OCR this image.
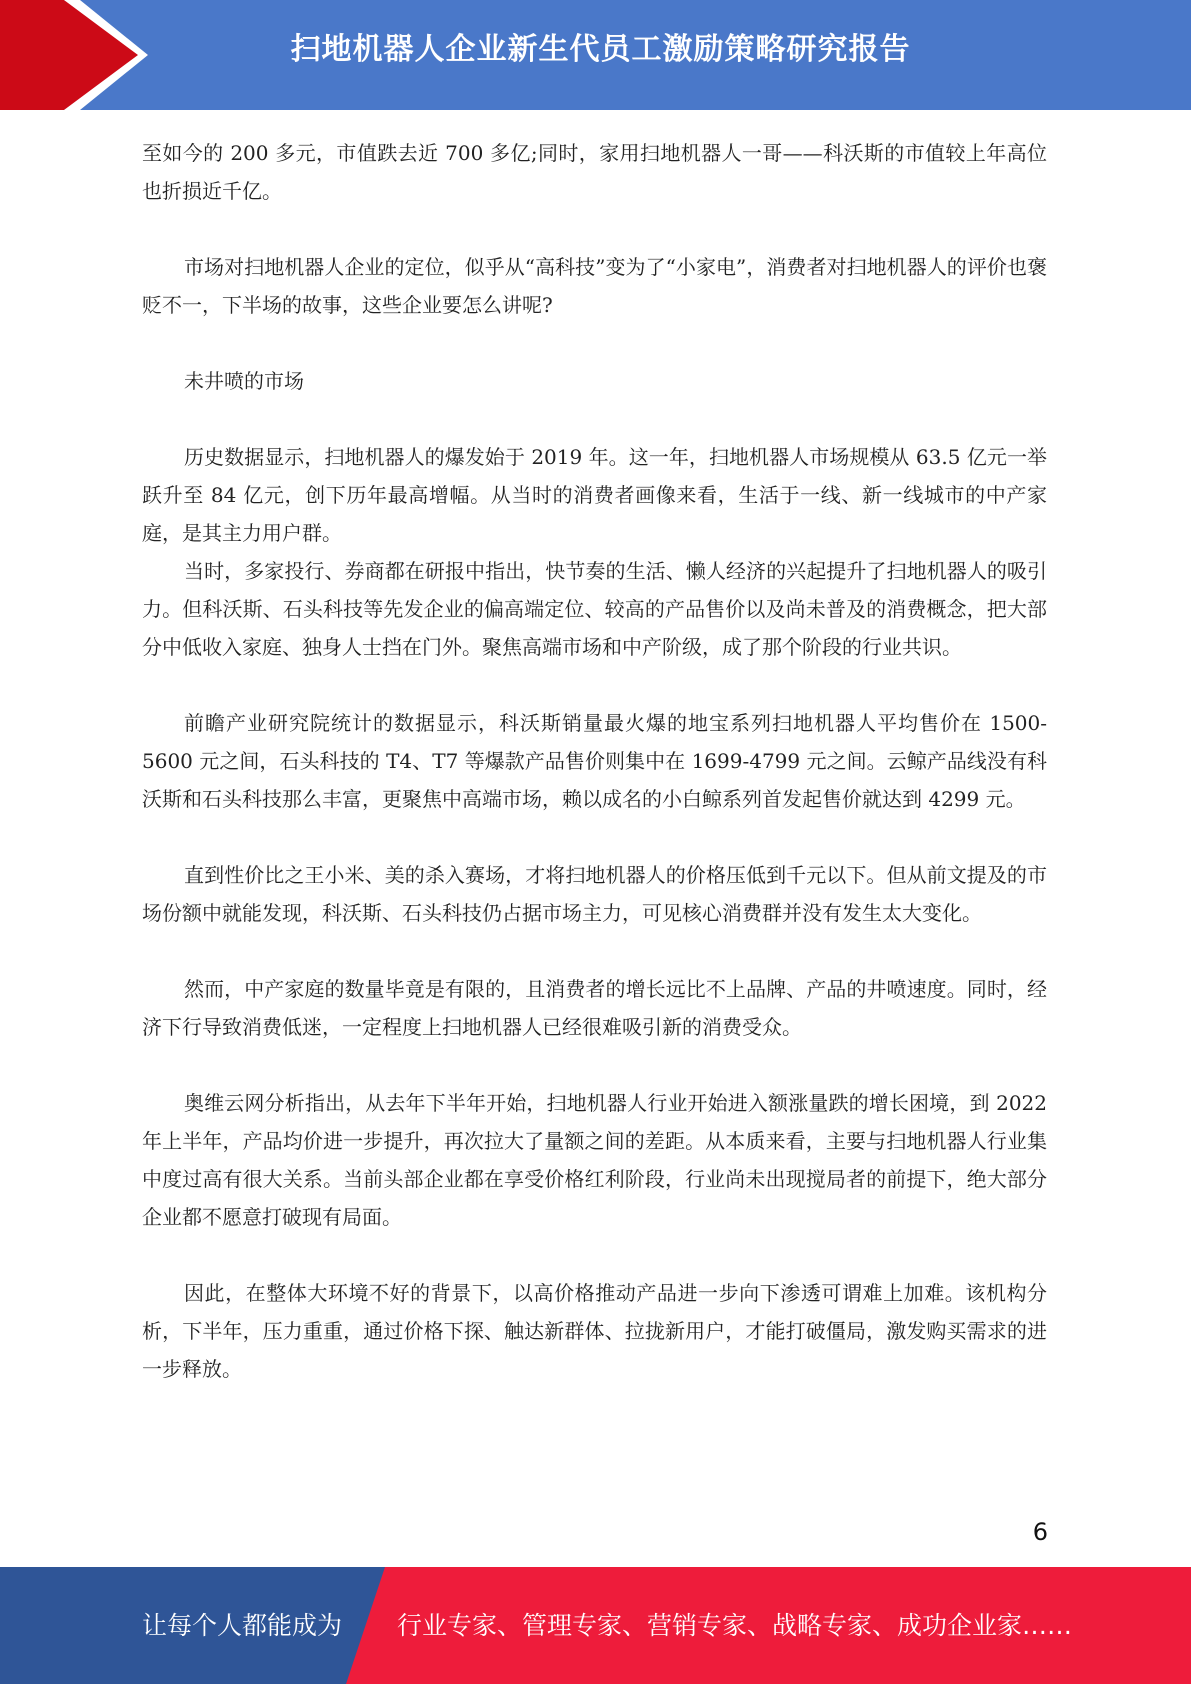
扫地机器人企业新生代员工激励策略研究报告

至如今的 200 多元，市值跌去近 700 多亿;同时，家用扫地机器人一哥——科沃斯的市值较上年高位也折损近千亿。

市场对扫地机器人企业的定位，似乎从“高科技”变为了“小家电”，消费者对扫地机器人的评价也褒贬不一，下半场的故事，这些企业要怎么讲呢?

未井喷的市场

历史数据显示，扫地机器人的爆发始于 2019 年。这一年，扫地机器人市场规模从 63.5 亿元一举跃升至 84 亿元，创下历年最高增幅。从当时的消费者画像来看，生活于一线、新一线城市的中产家庭，是其主力用户群。

当时，多家投行、券商都在研报中指出，快节奏的生活、懒人经济的兴起提升了扫地机器人的吸引力。但科沃斯、石头科技等先发企业的偏高端定位、较高的产品售价以及尚未普及的消费概念，把大部分中低收入家庭、独身人士挡在门外。聚焦高端市场和中产阶级，成了那个阶段的行业共识。

前瞻产业研究院统计的数据显示，科沃斯销量最火爆的地宝系列扫地机器人平均售价在 1500-5600 元之间，石头科技的 T4、T7 等爆款产品售价则集中在 1699-4799 元之间。云鲸产品线没有科沃斯和石头科技那么丰富，更聚焦中高端市场，赖以成名的小白鲸系列首发起售价就达到 4299 元。

直到性价比之王小米、美的杀入赛场，才将扫地机器人的价格压低到千元以下。但从前文提及的市场份额中就能发现，科沃斯、石头科技仍占据市场主力，可见核心消费群并没有发生太大变化。

然而，中产家庭的数量毕竟是有限的，且消费者的增长远比不上品牌、产品的井喷速度。同时，经济下行导致消费低迷，一定程度上扫地机器人已经很难吸引新的消费受众。

奥维云网分析指出，从去年下半年开始，扫地机器人行业开始进入额涨量跌的增长困境，到 2022 年上半年，产品均价进一步提升，再次拉大了量额之间的差距。从本质来看，主要与扫地机器人行业集中度过高有很大关系。当前头部企业都在享受价格红利阶段，行业尚未出现搅局者的前提下，绝大部分企业都不愿意打破现有局面。

因此，在整体大环境不好的背景下，以高价格推动产品进一步向下渗透可谓难上加难。该机构分析，下半年，压力重重，通过价格下探、触达新群体、拉拢新用户，才能打破僵局，激发购买需求的进一步释放。

6
让每个人都能成为 行业专家、管理专家、营销专家、战略专家、成功企业家……
